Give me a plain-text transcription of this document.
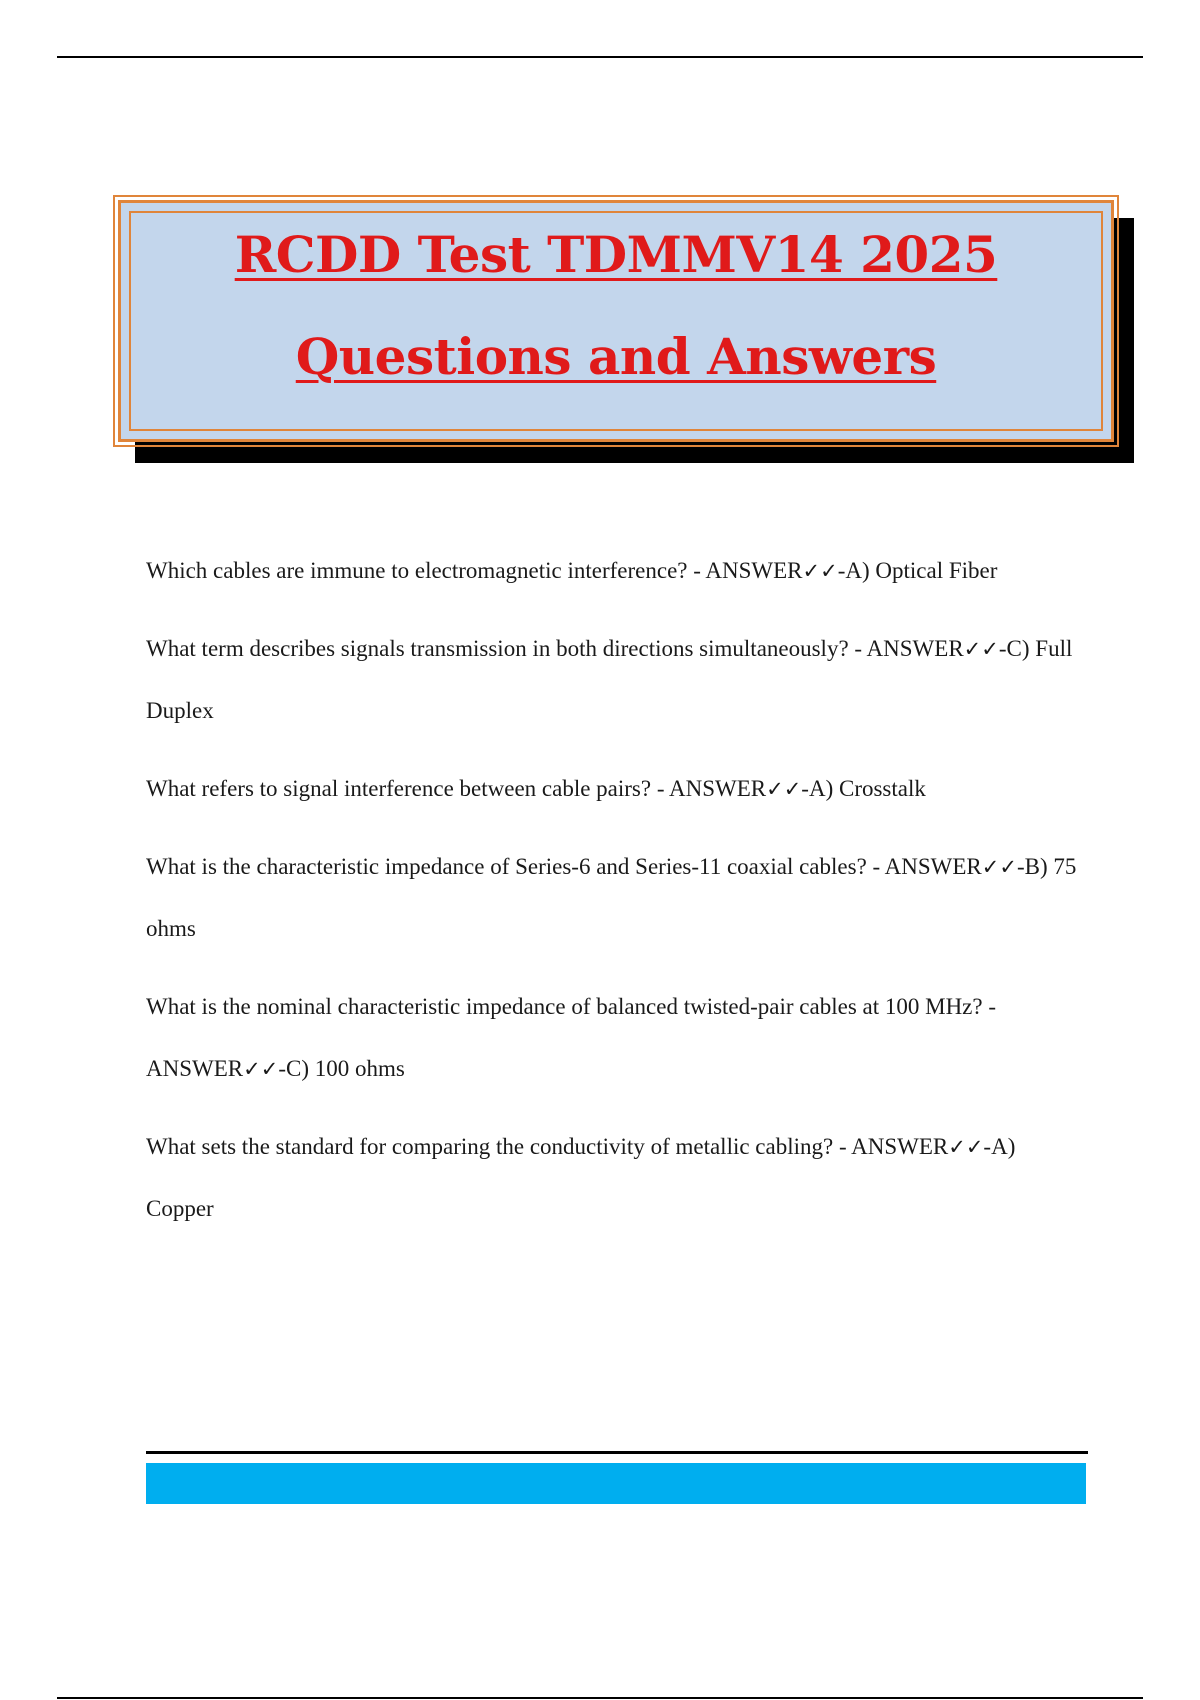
RCDD Test TDMMV14 2025
Questions and Answers

Which cables are immune to electromagnetic interference? - ANSWER✓✓-A) Optical Fiber

What term describes signals transmission in both directions simultaneously? - ANSWER✓✓-C) Full Duplex

What refers to signal interference between cable pairs? - ANSWER✓✓-A) Crosstalk

What is the characteristic impedance of Series-6 and Series-11 coaxial cables? - ANSWER✓✓-B) 75 ohms

What is the nominal characteristic impedance of balanced twisted-pair cables at 100 MHz? - ANSWER✓✓-C) 100 ohms

What sets the standard for comparing the conductivity of metallic cabling? - ANSWER✓✓-A) Copper
